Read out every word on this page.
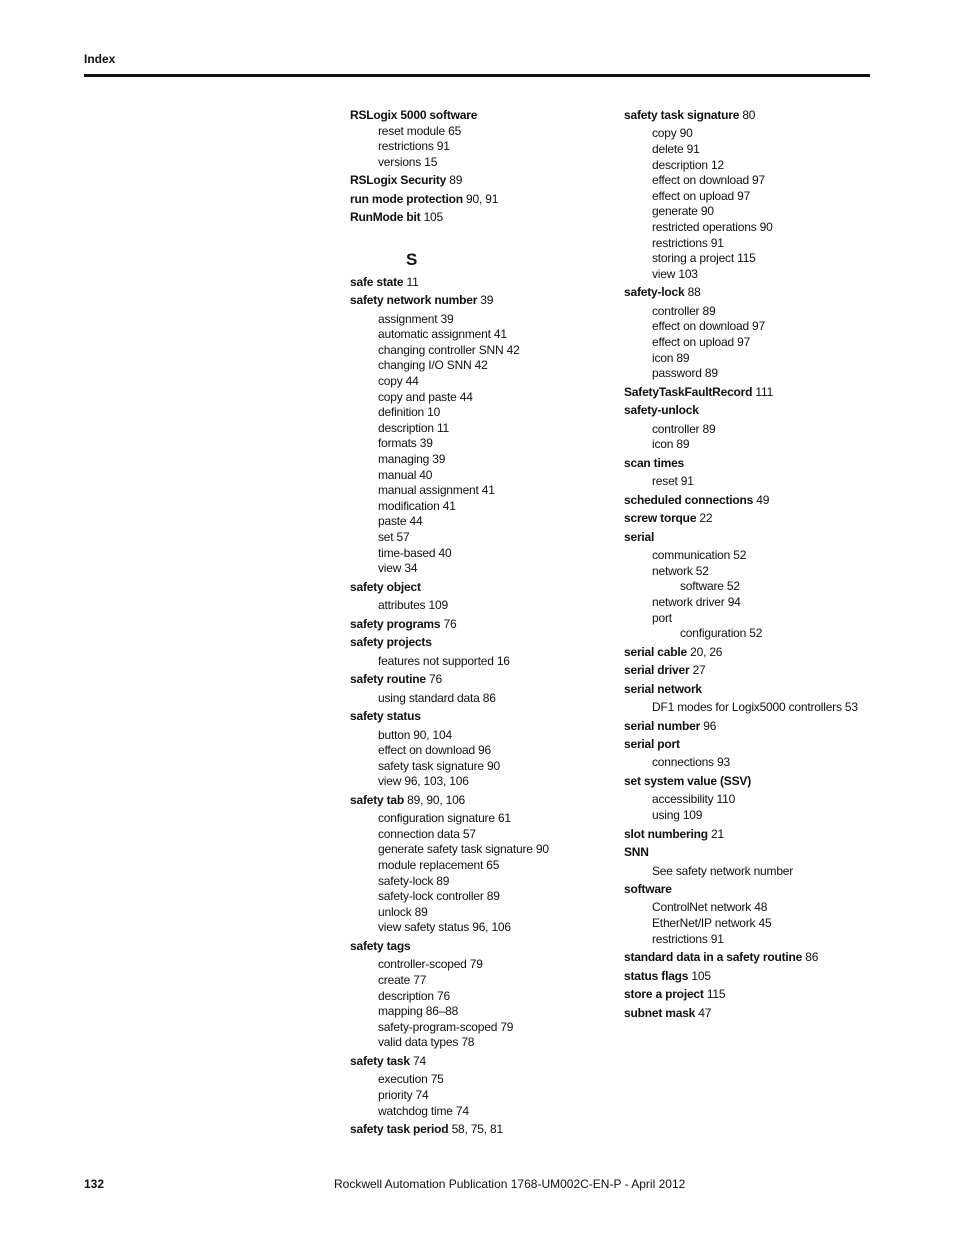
Index
RSLogix 5000 software
reset module 65
restrictions 91
versions 15
RSLogix Security 89
run mode protection 90, 91
RunMode bit 105
S
safe state 11
safety network number 39
assignment 39
automatic assignment 41
changing controller SNN 42
changing I/O SNN 42
copy 44
copy and paste 44
definition 10
description 11
formats 39
managing 39
manual 40
manual assignment 41
modification 41
paste 44
set 57
time-based 40
view 34
safety object
attributes 109
safety programs 76
safety projects
features not supported 16
safety routine 76
using standard data 86
safety status
button 90, 104
effect on download 96
safety task signature 90
view 96, 103, 106
safety tab 89, 90, 106
configuration signature 61
connection data 57
generate safety task signature 90
module replacement 65
safety-lock 89
safety-lock controller 89
unlock 89
view safety status 96, 106
safety tags
controller-scoped 79
create 77
description 76
mapping 86–88
safety-program-scoped 79
valid data types 78
safety task 74
execution 75
priority 74
watchdog time 74
safety task period 58, 75, 81
safety task signature 80
copy 90
delete 91
description 12
effect on download 97
effect on upload 97
generate 90
restricted operations 90
restrictions 91
storing a project 115
view 103
safety-lock 88
controller 89
effect on download 97
effect on upload 97
icon 89
password 89
SafetyTaskFaultRecord 111
safety-unlock
controller 89
icon 89
scan times
reset 91
scheduled connections 49
screw torque 22
serial
communication 52
network 52
software 52
network driver 94
port
configuration 52
serial cable 20, 26
serial driver 27
serial network
DF1 modes for Logix5000 controllers 53
serial number 96
serial port
connections 93
set system value (SSV)
accessibility 110
using 109
slot numbering 21
SNN
See safety network number
software
ControlNet network 48
EtherNet/IP network 45
restrictions 91
standard data in a safety routine 86
status flags 105
store a project 115
subnet mask 47
132	Rockwell Automation Publication 1768-UM002C-EN-P - April 2012
